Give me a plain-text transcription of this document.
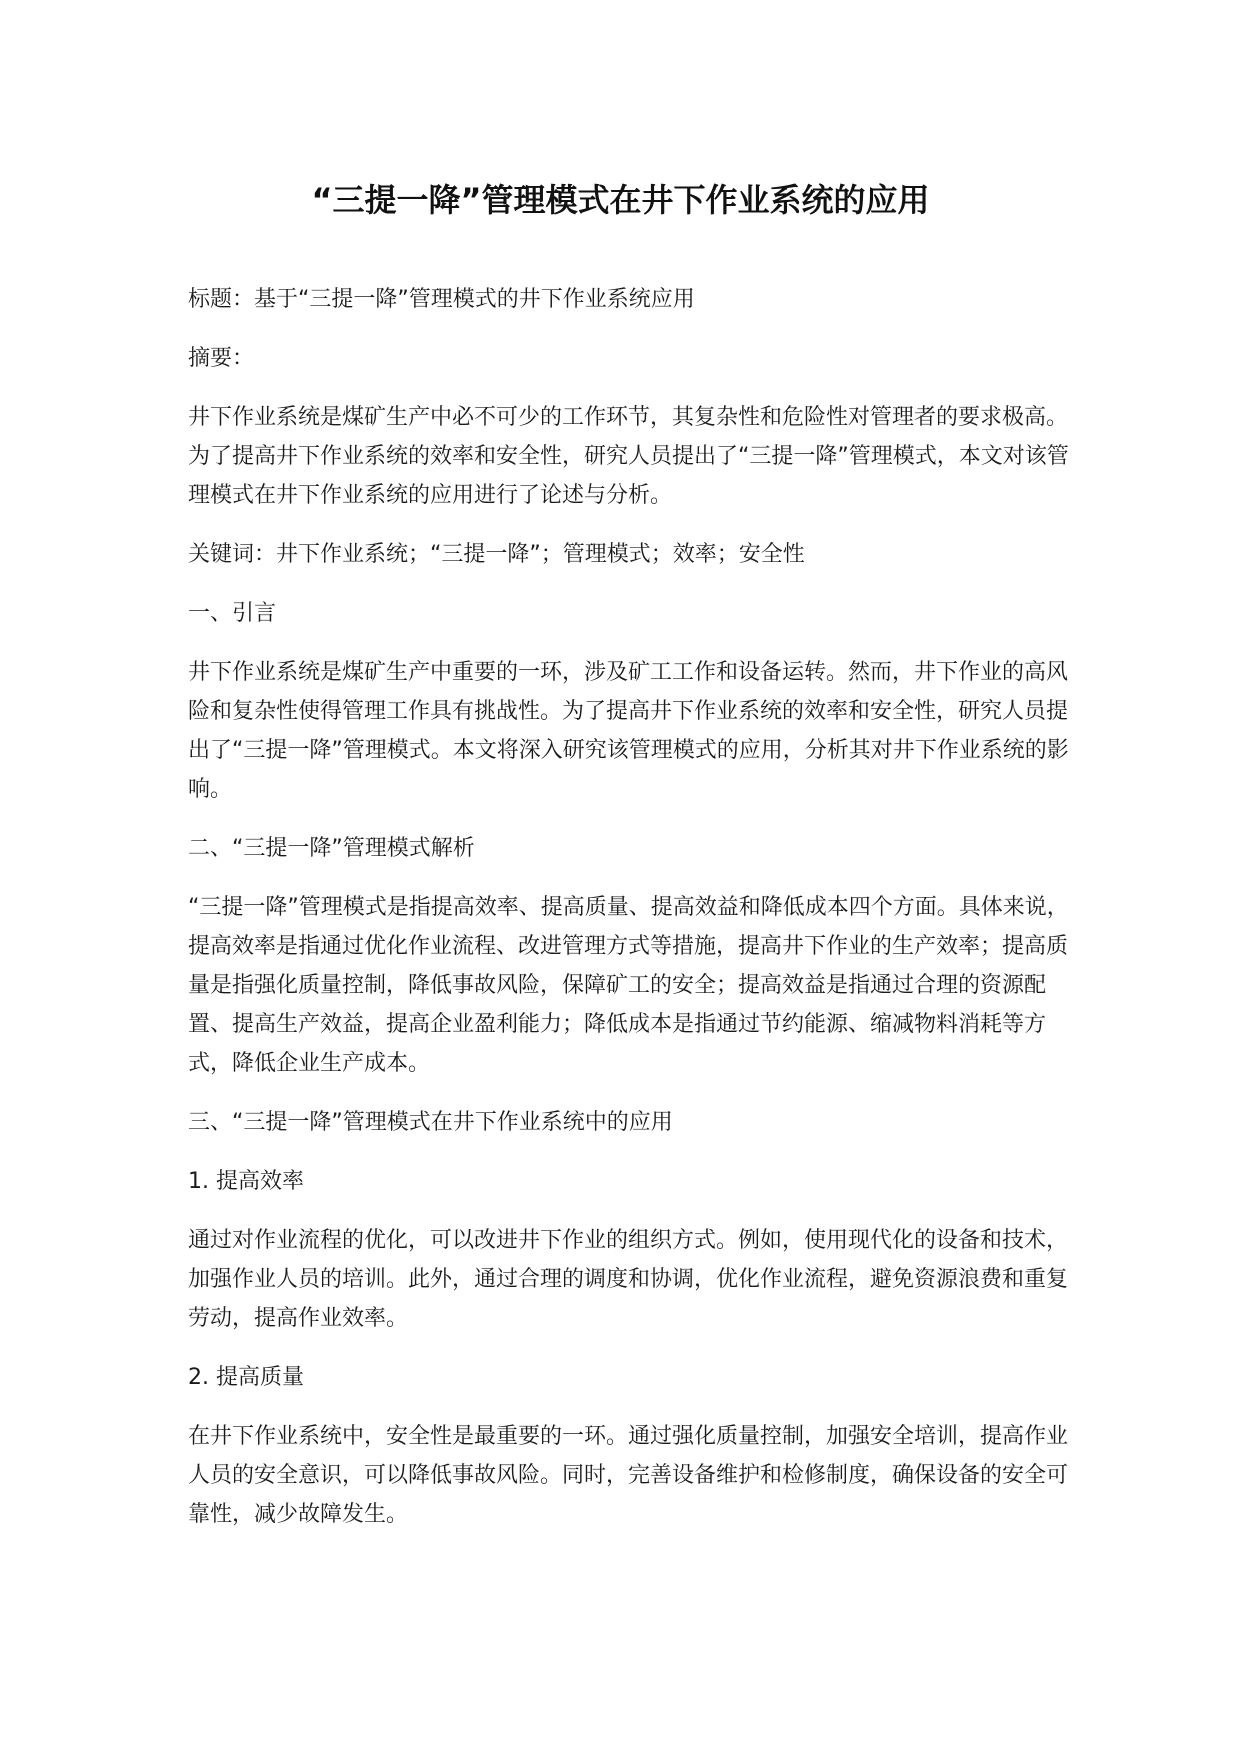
“三提一降”管理模式在井下作业系统的应用

标题：基于“三提一降”管理模式的井下作业系统应用

摘要：

井下作业系统是煤矿生产中必不可少的工作环节，其复杂性和危险性对管理者的要求极高。为了提高井下作业系统的效率和安全性，研究人员提出了“三提一降”管理模式，本文对该管理模式在井下作业系统的应用进行了论述与分析。

关键词：井下作业系统；“三提一降”；管理模式；效率；安全性

一、引言

井下作业系统是煤矿生产中重要的一环，涉及矿工工作和设备运转。然而，井下作业的高风险和复杂性使得管理工作具有挑战性。为了提高井下作业系统的效率和安全性，研究人员提出了“三提一降”管理模式。本文将深入研究该管理模式的应用，分析其对井下作业系统的影响。

二、“三提一降”管理模式解析

“三提一降”管理模式是指提高效率、提高质量、提高效益和降低成本四个方面。具体来说，提高效率是指通过优化作业流程、改进管理方式等措施，提高井下作业的生产效率；提高质量是指强化质量控制，降低事故风险，保障矿工的安全；提高效益是指通过合理的资源配置、提高生产效益，提高企业盈利能力；降低成本是指通过节约能源、缩减物料消耗等方式，降低企业生产成本。

三、“三提一降”管理模式在井下作业系统中的应用

1. 提高效率

通过对作业流程的优化，可以改进井下作业的组织方式。例如，使用现代化的设备和技术，加强作业人员的培训。此外，通过合理的调度和协调，优化作业流程，避免资源浪费和重复劳动，提高作业效率。

2. 提高质量

在井下作业系统中，安全性是最重要的一环。通过强化质量控制，加强安全培训，提高作业人员的安全意识，可以降低事故风险。同时，完善设备维护和检修制度，确保设备的安全可靠性，减少故障发生。
